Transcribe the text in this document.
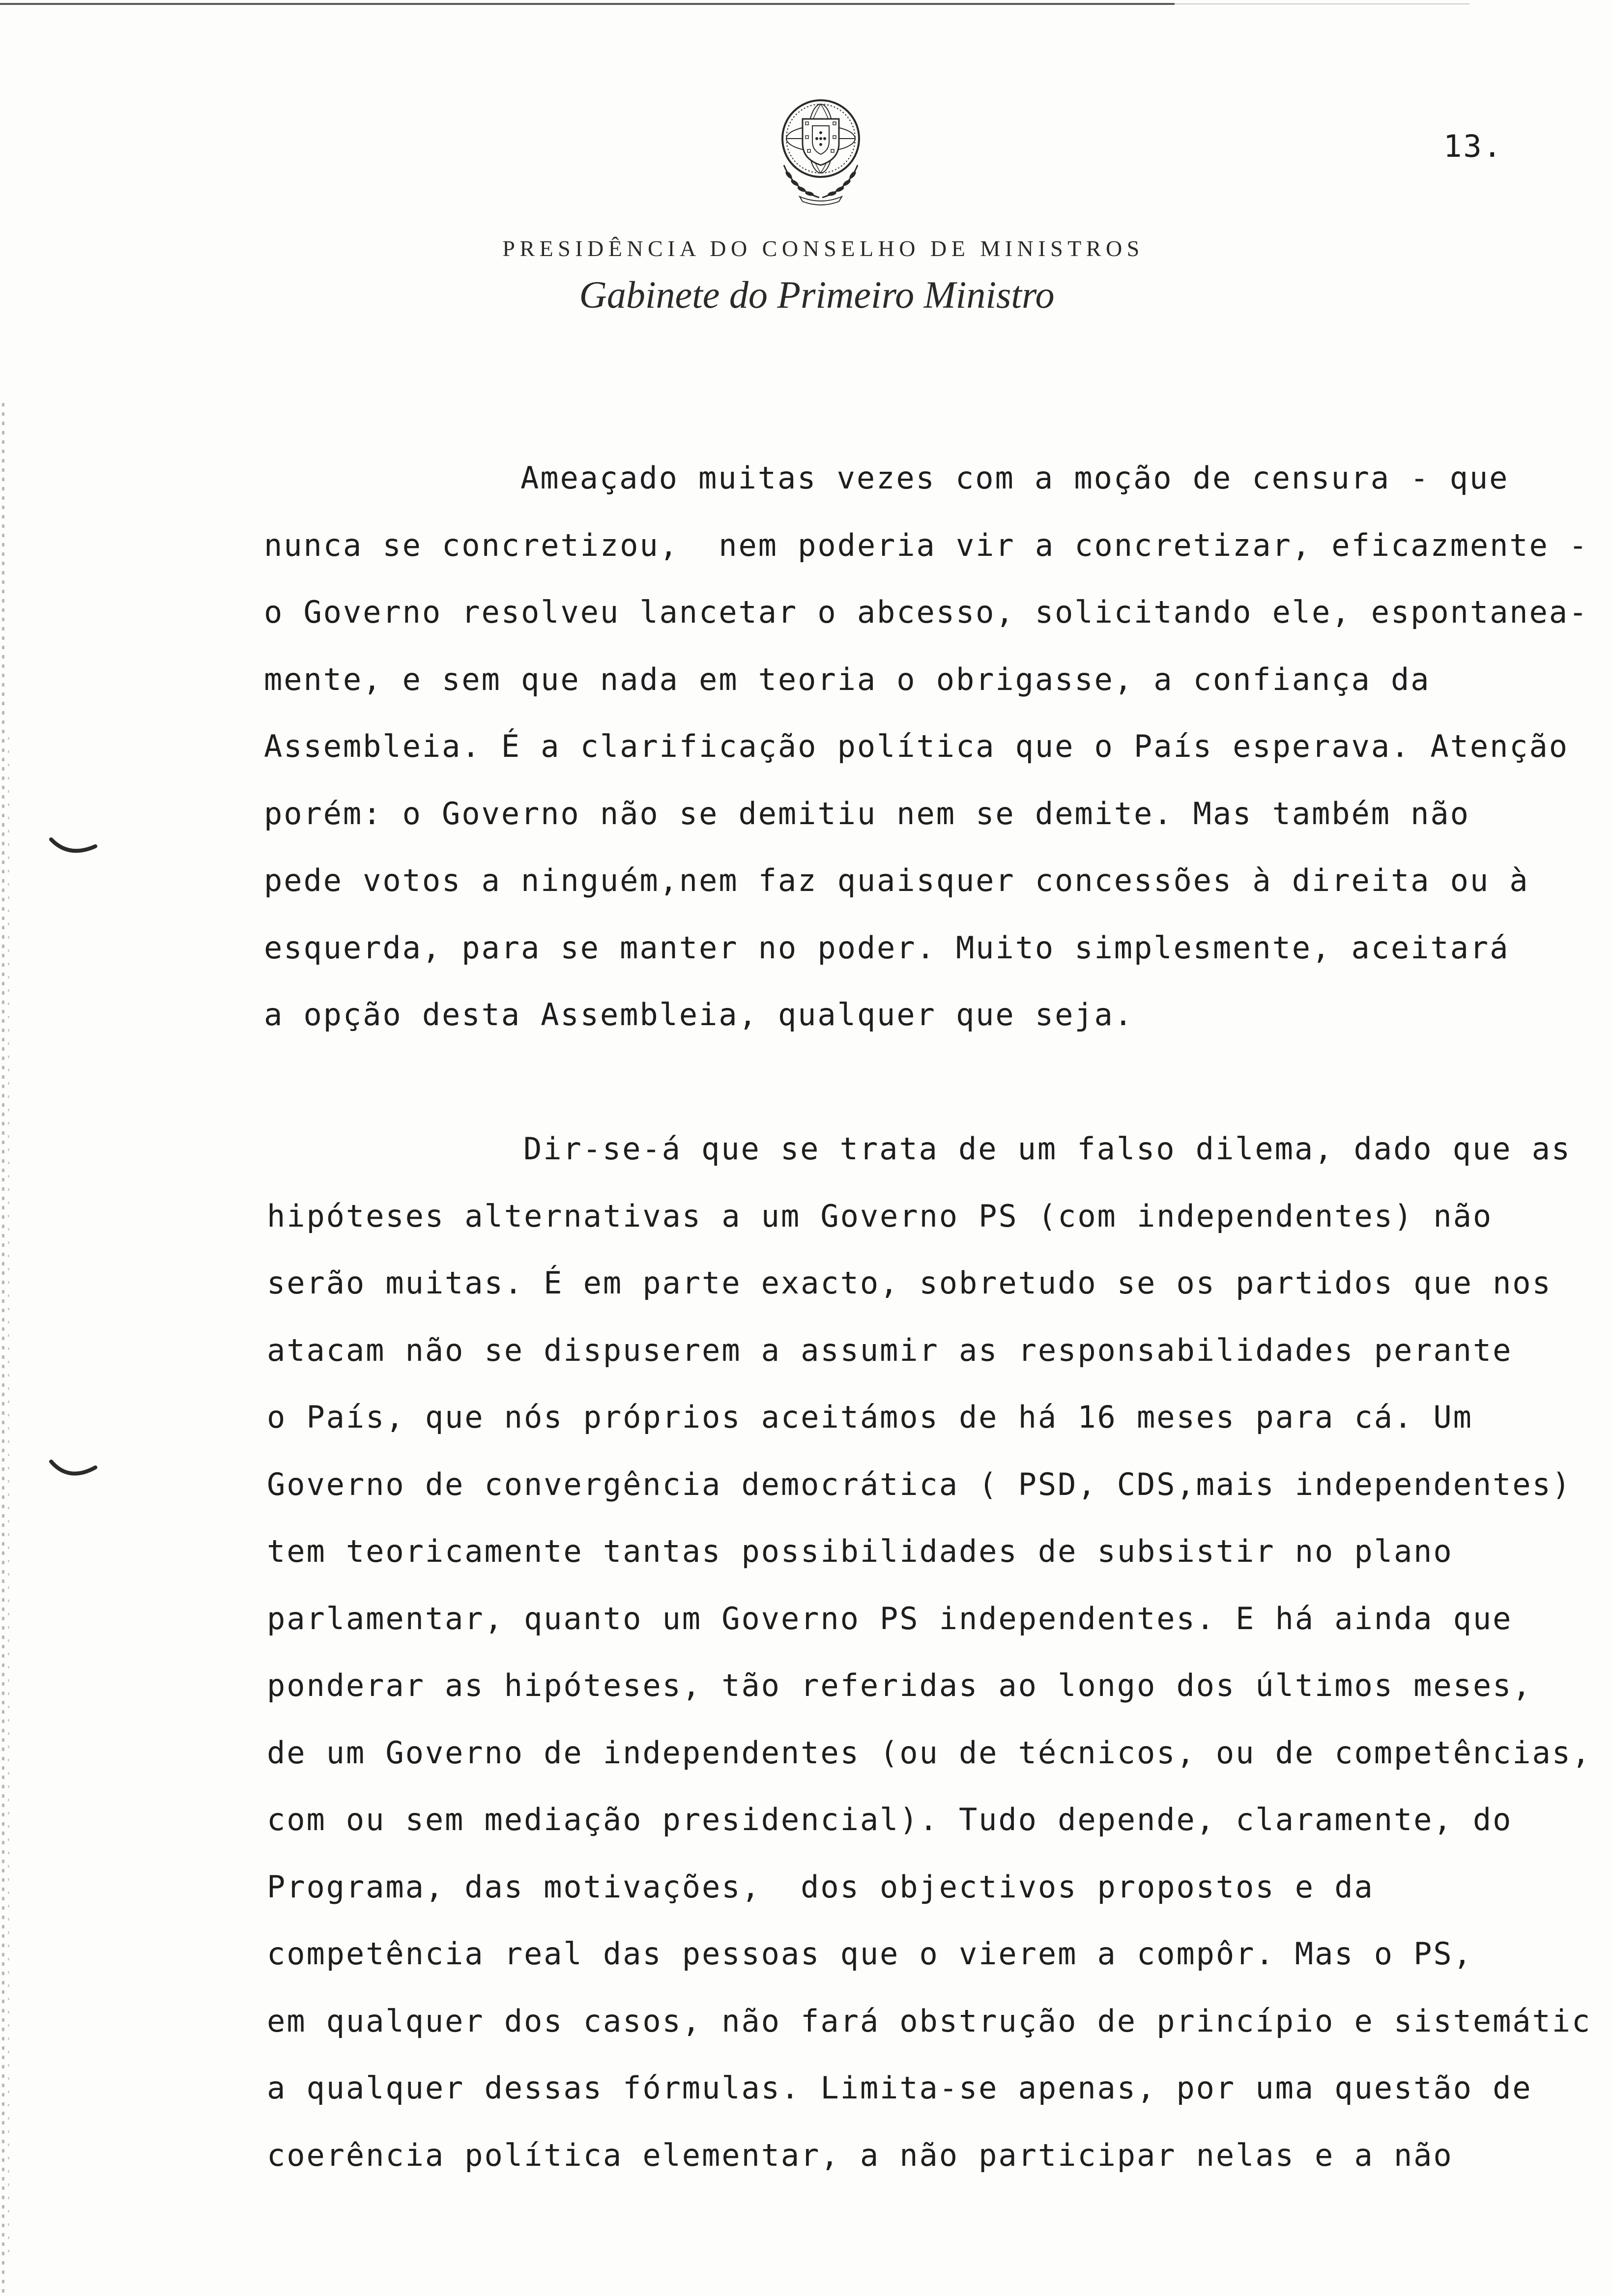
13.
PRESIDÊNCIA DO CONSELHO DE MINISTROS
Gabinete do Primeiro Ministro
Ameaçado muitas vezes com a moção de censura - que
nunca se concretizou,  nem poderia vir a concretizar, eficazmente -
o Governo resolveu lancetar o abcesso, solicitando ele, espontanea-
mente, e sem que nada em teoria o obrigasse, a confiança da
Assembleia. É a clarificação política que o País esperava. Atenção
porém: o Governo não se demitiu nem se demite. Mas também não
pede votos a ninguém,nem faz quaisquer concessões à direita ou à
esquerda, para se manter no poder. Muito simplesmente, aceitará
a opção desta Assembleia, qualquer que seja.
Dir-se-á que se trata de um falso dilema, dado que as
hipóteses alternativas a um Governo PS (com independentes) não
serão muitas. É em parte exacto, sobretudo se os partidos que nos
atacam não se dispuserem a assumir as responsabilidades perante
o País, que nós próprios aceitámos de há 16 meses para cá. Um
Governo de convergência democrática ( PSD, CDS,mais independentes)
tem teoricamente tantas possibilidades de subsistir no plano
parlamentar, quanto um Governo PS independentes. E há ainda que
ponderar as hipóteses, tão referidas ao longo dos últimos meses,
de um Governo de independentes (ou de técnicos, ou de competências,
com ou sem mediação presidencial). Tudo depende, claramente, do
Programa, das motivações,  dos objectivos propostos e da
competência real das pessoas que o vierem a compôr. Mas o PS,
em qualquer dos casos, não fará obstrução de princípio e sistemátic
a qualquer dessas fórmulas. Limita-se apenas, por uma questão de
coerência política elementar, a não participar nelas e a não
